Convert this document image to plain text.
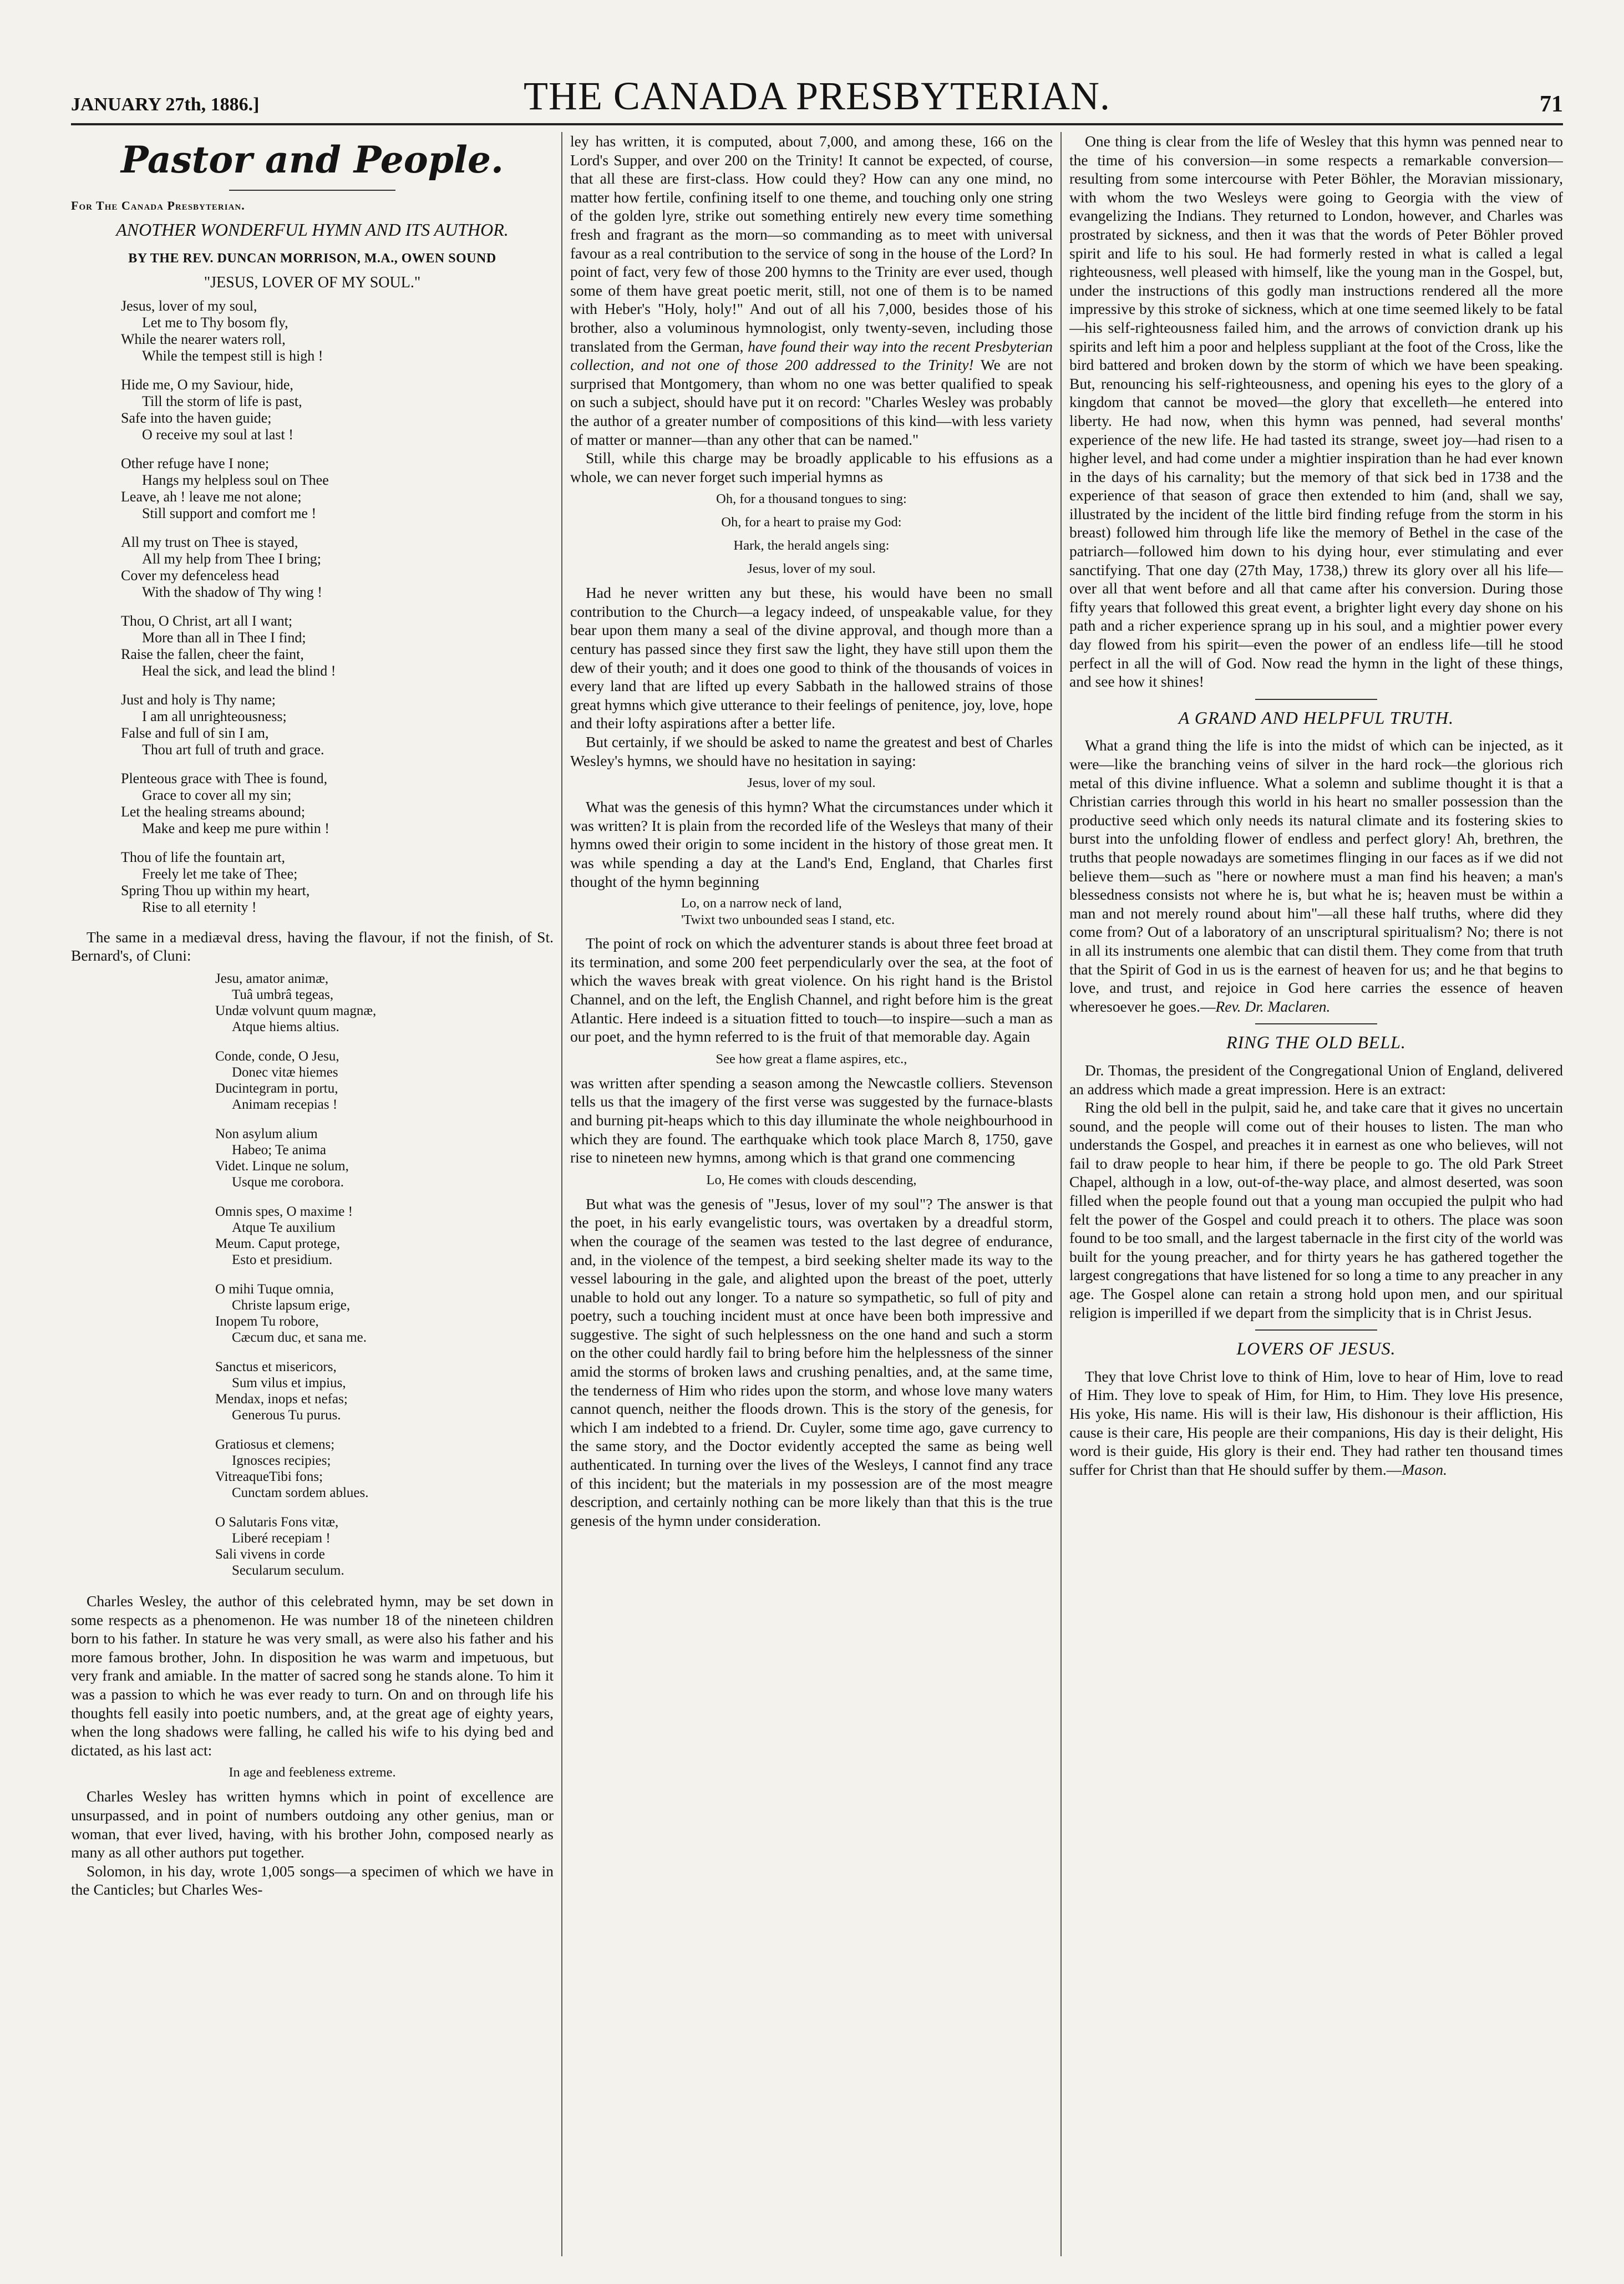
JANUARY 27th, 1886.]	THE CANADA PRESBYTERIAN.	71
Pastor and People.
For The Canada Presbyterian.
ANOTHER WONDERFUL HYMN AND ITS AUTHOR.
BY THE REV. DUNCAN MORRISON, M.A., OWEN SOUND
"JESUS, LOVER OF MY SOUL."

Jesus, lover of my soul,

Let me to Thy bosom fly,

While the nearer waters roll,

While the tempest still is high !

Hide me, O my Saviour, hide,

Till the storm of life is past,

Safe into the haven guide;

O receive my soul at last !

Other refuge have I none;

Hangs my helpless soul on Thee

Leave, ah ! leave me not alone;

Still support and comfort me !

All my trust on Thee is stayed,

All my help from Thee I bring;

Cover my defenceless head

With the shadow of Thy wing !

Thou, O Christ, art all I want;

More than all in Thee I find;

Raise the fallen, cheer the faint,

Heal the sick, and lead the blind !

Just and holy is Thy name;

I am all unrighteousness;

False and full of sin I am,

Thou art full of truth and grace.

Plenteous grace with Thee is found,

Grace to cover all my sin;

Let the healing streams abound;

Make and keep me pure within !

Thou of life the fountain art,

Freely let me take of Thee;

Spring Thou up within my heart,

Rise to all eternity !

The same in a mediæval dress, having the flavour, if not the finish, of St. Bernard's, of Cluni:

Jesu, amator animæ,

Tuâ umbrâ tegeas,

Undæ volvunt quum magnæ,

Atque hiems altius.

Conde, conde, O Jesu,

Donec vitæ hiemes

Ducintegram in portu,

Animam recepias !

Non asylum alium

Habeo; Te anima

Videt. Linque ne solum,

Usque me corobora.

Omnis spes, O maxime !

Atque Te auxilium

Meum. Caput protege,

Esto et presidium.

O mihi Tuque omnia,

Christe lapsum erige,

Inopem Tu robore,

Cæcum duc, et sana me.

Sanctus et misericors,

Sum vilus et impius,

Mendax, inops et nefas;

Generous Tu purus.

Gratiosus et clemens;

Ignosces recipies;

VitreaqueTibi fons;

Cunctam sordem ablues.

O Salutaris Fons vitæ,

Liberé recepiam !

Sali vivens in corde

Secularum seculum.

Charles Wesley, the author of this celebrated hymn, may be set down in some respects as a phenomenon. He was number 18 of the nineteen children born to his father. In stature he was very small, as were also his father and his more famous brother, John. In disposition he was warm and impetuous, but very frank and amiable. In the matter of sacred song he stands alone. To him it was a passion to which he was ever ready to turn. On and on through life his thoughts fell easily into poetic numbers, and, at the great age of eighty years, when the long shadows were falling, he called his wife to his dying bed and dictated, as his last act:

In age and feebleness extreme.

Charles Wesley has written hymns which in point of excellence are unsurpassed, and in point of numbers outdoing any other genius, man or woman, that ever lived, having, with his brother John, composed nearly as many as all other authors put together.

Solomon, in his day, wrote 1,005 songs—a specimen of which we have in the Canticles; but Charles Wes-

ley has written, it is computed, about 7,000, and among these, 166 on the Lord's Supper, and over 200 on the Trinity! It cannot be expected, of course, that all these are first-class. How could they? How can any one mind, no matter how fertile, confining itself to one theme, and touching only one string of the golden lyre, strike out something entirely new every time something fresh and fragrant as the morn—so commanding as to meet with universal favour as a real contribution to the service of song in the house of the Lord? In point of fact, very few of those 200 hymns to the Trinity are ever used, though some of them have great poetic merit, still, not one of them is to be named with Heber's "Holy, holy!" And out of all his 7,000, besides those of his brother, also a voluminous hymnologist, only twenty-seven, including those translated from the German, have found their way into the recent Presbyterian collection, and not one of those 200 addressed to the Trinity! We are not surprised that Montgomery, than whom no one was better qualified to speak on such a subject, should have put it on record: "Charles Wesley was probably the author of a greater number of compositions of this kind—with less variety of matter or manner—than any other that can be named."

Still, while this charge may be broadly applicable to his effusions as a whole, we can never forget such imperial hymns as

Oh, for a thousand tongues to sing:
Oh, for a heart to praise my God:
Hark, the herald angels sing:
Jesus, lover of my soul.

Had he never written any but these, his would have been no small contribution to the Church—a legacy indeed, of unspeakable value, for they bear upon them many a seal of the divine approval, and though more than a century has passed since they first saw the light, they have still upon them the dew of their youth; and it does one good to think of the thousands of voices in every land that are lifted up every Sabbath in the hallowed strains of those great hymns which give utterance to their feelings of penitence, joy, love, hope and their lofty aspirations after a better life.

But certainly, if we should be asked to name the greatest and best of Charles Wesley's hymns, we should have no hesitation in saying:

Jesus, lover of my soul.

What was the genesis of this hymn? What the circumstances under which it was written? It is plain from the recorded life of the Wesleys that many of their hymns owed their origin to some incident in the history of those great men. It was while spending a day at the Land's End, England, that Charles first thought of the hymn beginning

Lo, on a narrow neck of land,

'Twixt two unbounded seas I stand, etc.

The point of rock on which the adventurer stands is about three feet broad at its termination, and some 200 feet perpendicularly over the sea, at the foot of which the waves break with great violence. On his right hand is the Bristol Channel, and on the left, the English Channel, and right before him is the great Atlantic. Here indeed is a situation fitted to touch—to inspire—such a man as our poet, and the hymn referred to is the fruit of that memorable day. Again

See how great a flame aspires, etc.,

was written after spending a season among the Newcastle colliers. Stevenson tells us that the imagery of the first verse was suggested by the furnace-blasts and burning pit-heaps which to this day illuminate the whole neighbourhood in which they are found. The earthquake which took place March 8, 1750, gave rise to nineteen new hymns, among which is that grand one commencing

Lo, He comes with clouds descending,

But what was the genesis of "Jesus, lover of my soul"? The answer is that the poet, in his early evangelistic tours, was overtaken by a dreadful storm, when the courage of the seamen was tested to the last degree of endurance, and, in the violence of the tempest, a bird seeking shelter made its way to the vessel labouring in the gale, and alighted upon the breast of the poet, utterly unable to hold out any longer. To a nature so sympathetic, so full of pity and poetry, such a touching incident must at once have been both impressive and suggestive. The sight of such helplessness on the one hand and such a storm on the other could hardly fail to bring before him the helplessness of the sinner amid the storms of broken laws and crushing penalties, and, at the same time, the tenderness of Him who rides upon the storm, and whose love many waters cannot quench, neither the floods drown. This is the story of the genesis, for which I am indebted to a friend. Dr. Cuyler, some time ago, gave currency to the same story, and the Doctor evidently accepted the same as being well authenticated. In turning over the lives of the Wesleys, I cannot find any trace of this incident; but the materials in my possession are of the most meagre description, and certainly nothing can be more likely than that this is the true genesis of the hymn under consideration.

One thing is clear from the life of Wesley that this hymn was penned near to the time of his conversion—in some respects a remarkable conversion—resulting from some intercourse with Peter Böhler, the Moravian missionary, with whom the two Wesleys were going to Georgia with the view of evangelizing the Indians. They returned to London, however, and Charles was prostrated by sickness, and then it was that the words of Peter Böhler proved spirit and life to his soul. He had formerly rested in what is called a legal righteousness, well pleased with himself, like the young man in the Gospel, but, under the instructions of this godly man instructions rendered all the more impressive by this stroke of sickness, which at one time seemed likely to be fatal—his self-righteousness failed him, and the arrows of conviction drank up his spirits and left him a poor and helpless suppliant at the foot of the Cross, like the bird battered and broken down by the storm of which we have been speaking. But, renouncing his self-righteousness, and opening his eyes to the glory of a kingdom that cannot be moved—the glory that excelleth—he entered into liberty. He had now, when this hymn was penned, had several months' experience of the new life. He had tasted its strange, sweet joy—had risen to a higher level, and had come under a mightier inspiration than he had ever known in the days of his carnality; but the memory of that sick bed in 1738 and the experience of that season of grace then extended to him (and, shall we say, illustrated by the incident of the little bird finding refuge from the storm in his breast) followed him through life like the memory of Bethel in the case of the patriarch—followed him down to his dying hour, ever stimulating and ever sanctifying. That one day (27th May, 1738,) threw its glory over all his life—over all that went before and all that came after his conversion. During those fifty years that followed this great event, a brighter light every day shone on his path and a richer experience sprang up in his soul, and a mightier power every day flowed from his spirit—even the power of an endless life—till he stood perfect in all the will of God. Now read the hymn in the light of these things, and see how it shines!

A GRAND AND HELPFUL TRUTH.

What a grand thing the life is into the midst of which can be injected, as it were—like the branching veins of silver in the hard rock—the glorious rich metal of this divine influence. What a solemn and sublime thought it is that a Christian carries through this world in his heart no smaller possession than the productive seed which only needs its natural climate and its fostering skies to burst into the unfolding flower of endless and perfect glory! Ah, brethren, the truths that people nowadays are sometimes flinging in our faces as if we did not believe them—such as "here or nowhere must a man find his heaven; a man's blessedness consists not where he is, but what he is; heaven must be within a man and not merely round about him"—all these half truths, where did they come from? Out of a laboratory of an unscriptural spiritualism? No; there is not in all its instruments one alembic that can distil them. They come from that truth that the Spirit of God in us is the earnest of heaven for us; and he that begins to love, and trust, and rejoice in God here carries the essence of heaven wheresoever he goes.—Rev. Dr. Maclaren.

RING THE OLD BELL.

Dr. Thomas, the president of the Congregational Union of England, delivered an address which made a great impression. Here is an extract:

Ring the old bell in the pulpit, said he, and take care that it gives no uncertain sound, and the people will come out of their houses to listen. The man who understands the Gospel, and preaches it in earnest as one who believes, will not fail to draw people to hear him, if there be people to go. The old Park Street Chapel, although in a low, out-of-the-way place, and almost deserted, was soon filled when the people found out that a young man occupied the pulpit who had felt the power of the Gospel and could preach it to others. The place was soon found to be too small, and the largest tabernacle in the first city of the world was built for the young preacher, and for thirty years he has gathered together the largest congregations that have listened for so long a time to any preacher in any age. The Gospel alone can retain a strong hold upon men, and our spiritual religion is imperilled if we depart from the simplicity that is in Christ Jesus.

LOVERS OF JESUS.

They that love Christ love to think of Him, love to hear of Him, love to read of Him. They love to speak of Him, for Him, to Him. They love His presence, His yoke, His name. His will is their law, His dishonour is their affliction, His cause is their care, His people are their companions, His day is their delight, His word is their guide, His glory is their end. They had rather ten thousand times suffer for Christ than that He should suffer by them.—Mason.
